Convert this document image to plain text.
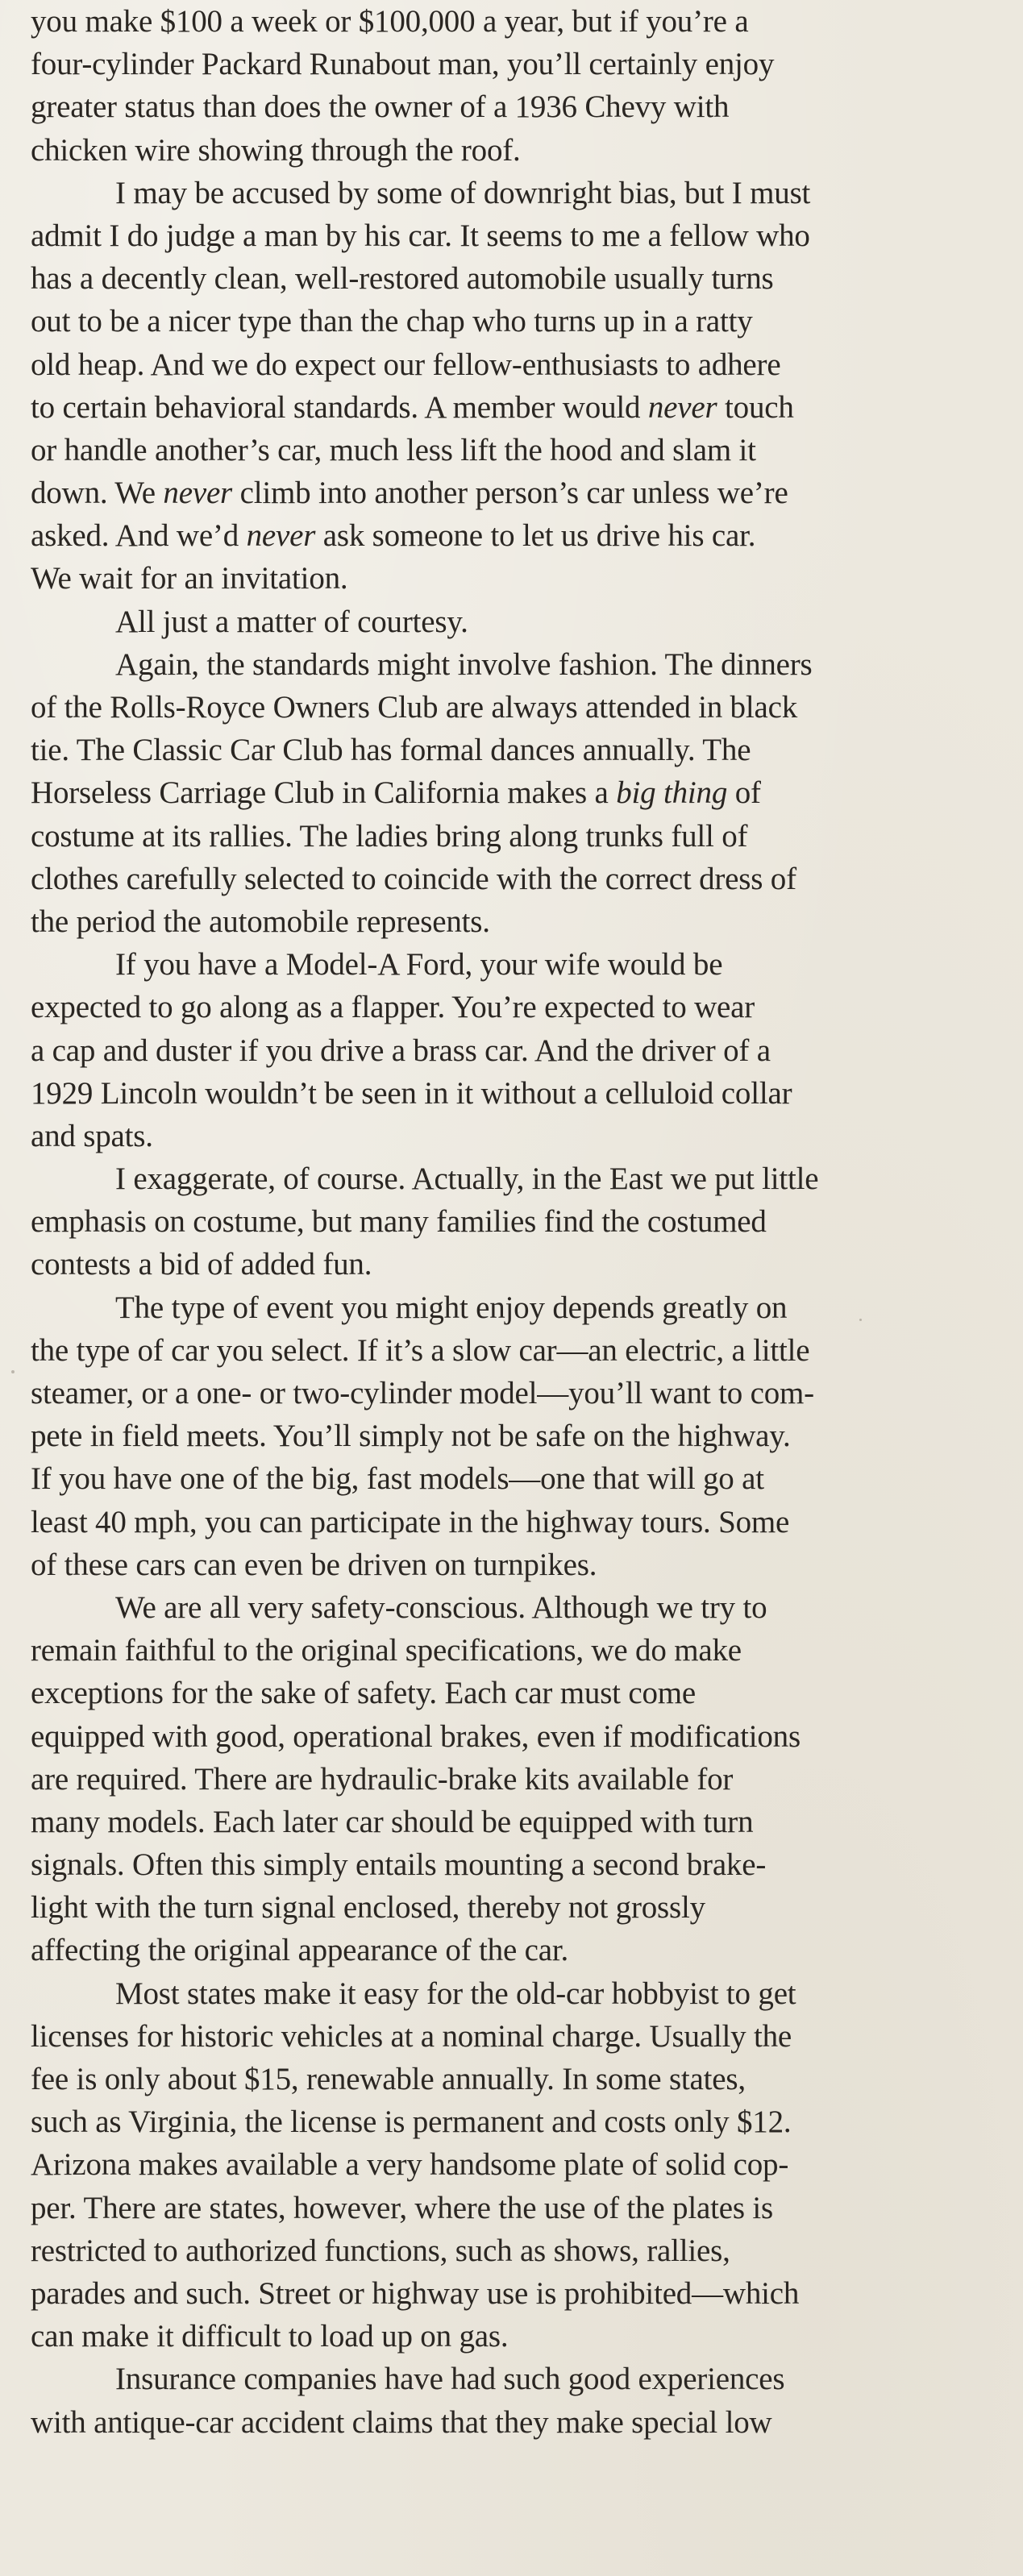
you make $100 a week or $100,000 a year, but if you’re a
four-cylinder Packard Runabout man, you’ll certainly enjoy
greater status than does the owner of a 1936 Chevy with
chicken wire showing through the roof.
I may be accused by some of downright bias, but I must
admit I do judge a man by his car. It seems to me a fellow who
has a decently clean, well-restored automobile usually turns
out to be a nicer type than the chap who turns up in a ratty
old heap. And we do expect our fellow-enthusiasts to adhere
to certain behavioral standards. A member would never touch
or handle another’s car, much less lift the hood and slam it
down. We never climb into another person’s car unless we’re
asked. And we’d never ask someone to let us drive his car.
We wait for an invitation.
All just a matter of courtesy.
Again, the standards might involve fashion. The dinners
of the Rolls-Royce Owners Club are always attended in black
tie. The Classic Car Club has formal dances annually. The
Horseless Carriage Club in California makes a big thing of
costume at its rallies. The ladies bring along trunks full of
clothes carefully selected to coincide with the correct dress of
the period the automobile represents.
If you have a Model-A Ford, your wife would be
expected to go along as a flapper. You’re expected to wear
a cap and duster if you drive a brass car. And the driver of a
1929 Lincoln wouldn’t be seen in it without a celluloid collar
and spats.
I exaggerate, of course. Actually, in the East we put little
emphasis on costume, but many families find the costumed
contests a bid of added fun.
The type of event you might enjoy depends greatly on
the type of car you select. If it’s a slow car—an electric, a little
steamer, or a one- or two-cylinder model—you’ll want to com-
pete in field meets. You’ll simply not be safe on the highway.
If you have one of the big, fast models—one that will go at
least 40 mph, you can participate in the highway tours. Some
of these cars can even be driven on turnpikes.
We are all very safety-conscious. Although we try to
remain faithful to the original specifications, we do make
exceptions for the sake of safety. Each car must come
equipped with good, operational brakes, even if modifications
are required. There are hydraulic-brake kits available for
many models. Each later car should be equipped with turn
signals. Often this simply entails mounting a second brake-
light with the turn signal enclosed, thereby not grossly
affecting the original appearance of the car.
Most states make it easy for the old-car hobbyist to get
licenses for historic vehicles at a nominal charge. Usually the
fee is only about $15, renewable annually. In some states,
such as Virginia, the license is permanent and costs only $12.
Arizona makes available a very handsome plate of solid cop-
per. There are states, however, where the use of the plates is
restricted to authorized functions, such as shows, rallies,
parades and such. Street or highway use is prohibited—which
can make it difficult to load up on gas.
Insurance companies have had such good experiences
with antique-car accident claims that they make special low
